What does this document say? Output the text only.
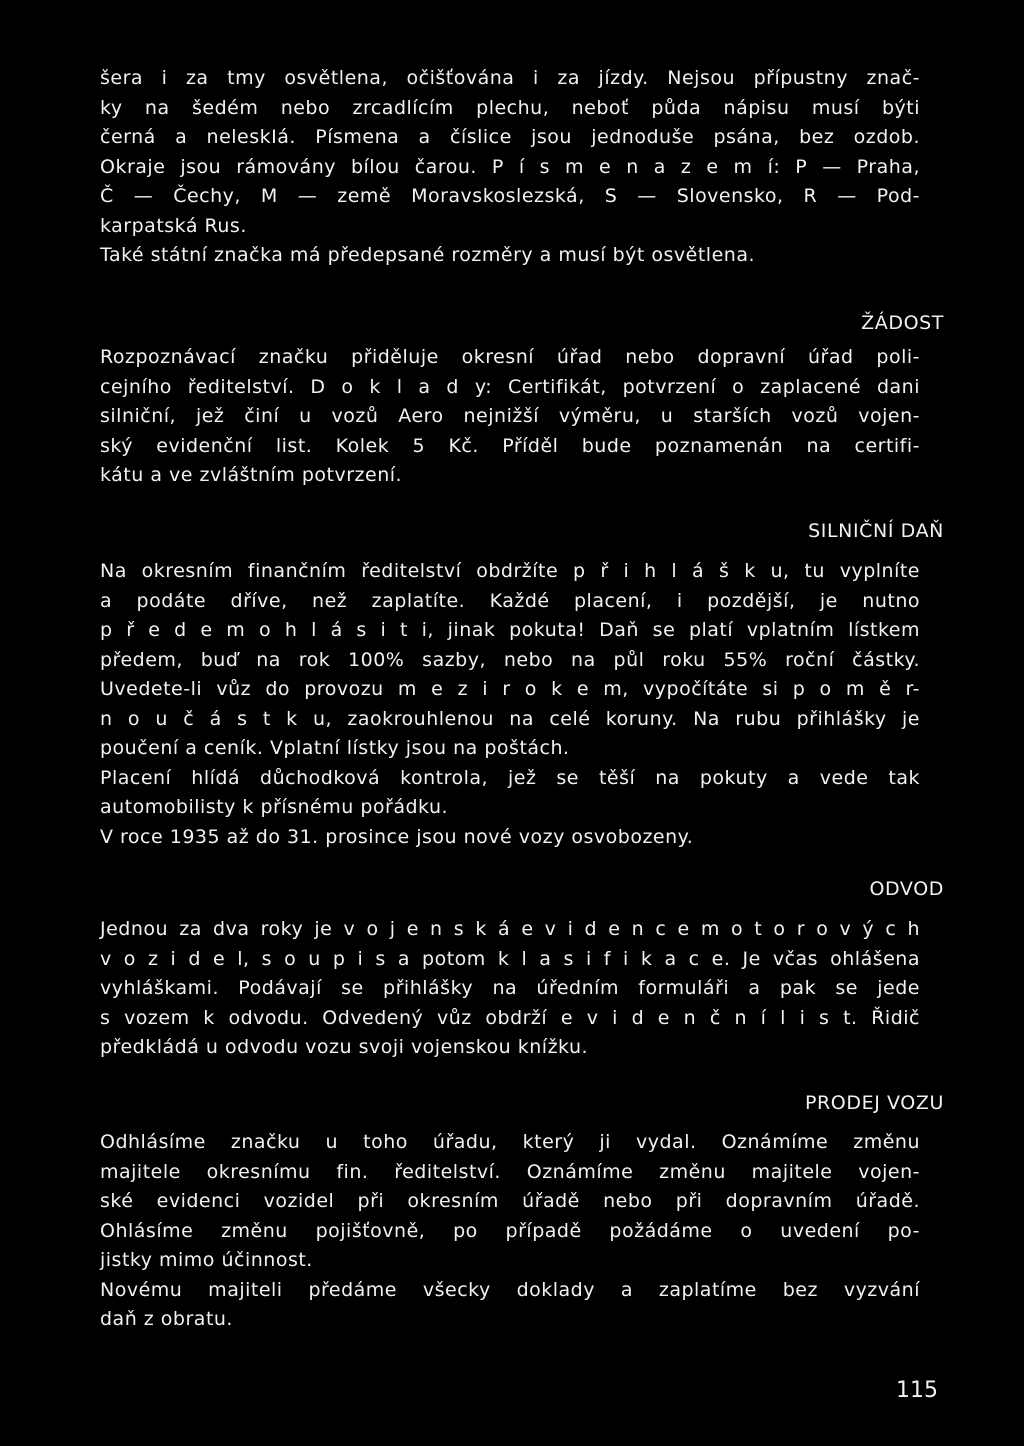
šera i za tmy osvětlena, očišťována i za jízdy. Nejsou přípustny znač-
ky na šedém nebo zrcadlícím plechu, neboť půda nápisu musí býti
černá a neleskIá. Písmena a číslice jsou jednoduše psána, bez ozdob.
Okraje jsou rámovány bílou čarou. P í s m e n a z e m í: P — Praha,
Č — Čechy, M — země Moravskoslezská, S — Slovensko, R — Pod-
karpatská Rus.
Také státní značka má předepsané rozměry a musí být osvětlena.
ŽÁDOST
Rozpoznávací značku přiděluje okresní úřad nebo dopravní úřad poli-
cejního ředitelství. D o k l a d y: Certifikát, potvrzení o zaplacené dani
silniční, jež činí u vozů Aero nejnižší výměru, u starších vozů vojen-
ský evidenční list. Kolek 5 Kč. Příděl bude poznamenán na certifi-
kátu a ve zvláštním potvrzení.
SILNIČNÍ DAŇ
Na okresním finančním ředitelství obdržíte p ř i h l á š k u, tu vyplníte
a podáte dříve, než zaplatíte. Každé placení, i pozdější, je nutno
p ř e d e m o h l á s i t i, jinak pokuta! Daň se platí vplatním lístkem
předem, buď na rok 100% sazby, nebo na půl roku 55% roční částky.
Uvedete-li vůz do provozu m e z i r o k e m, vypočítáte si p o m ě r-
n o u č á s t k u, zaokrouhlenou na celé koruny. Na rubu přihlášky je
poučení a ceník. Vplatní lístky jsou na poštách.
Placení hlídá důchodková kontrola, jež se těší na pokuty a vede tak
automobilisty k přísnému pořádku.
V roce 1935 až do 31. prosince jsou nové vozy osvobozeny.
ODVOD
Jednou za dva roky je v o j e n s k á e v i d e n c e m o t o r o v ý c h
v o z i d e l, s o u p i s a potom k l a s i f i k a c e. Je včas ohlášena
vyhláškami. Podávají se přihlášky na úředním formuláři a pak se jede
s vozem k odvodu. Odvedený vůz obdrží e v i d e n č n í l i s t. Řidič
předkládá u odvodu vozu svoji vojenskou knížku.
PRODEJ VOZU
Odhlásíme značku u toho úřadu, který ji vydal. Oznámíme změnu
majitele okresnímu fin. ředitelství. Oznámíme změnu majitele vojen-
ské evidenci vozidel při okresním úřadě nebo při dopravním úřadě.
Ohlásíme změnu pojišťovně, po případě požádáme o uvedení po-
jistky mimo účinnost.
Novému majiteli předáme všecky doklady a zaplatíme bez vyzvání
daň z obratu.
115
